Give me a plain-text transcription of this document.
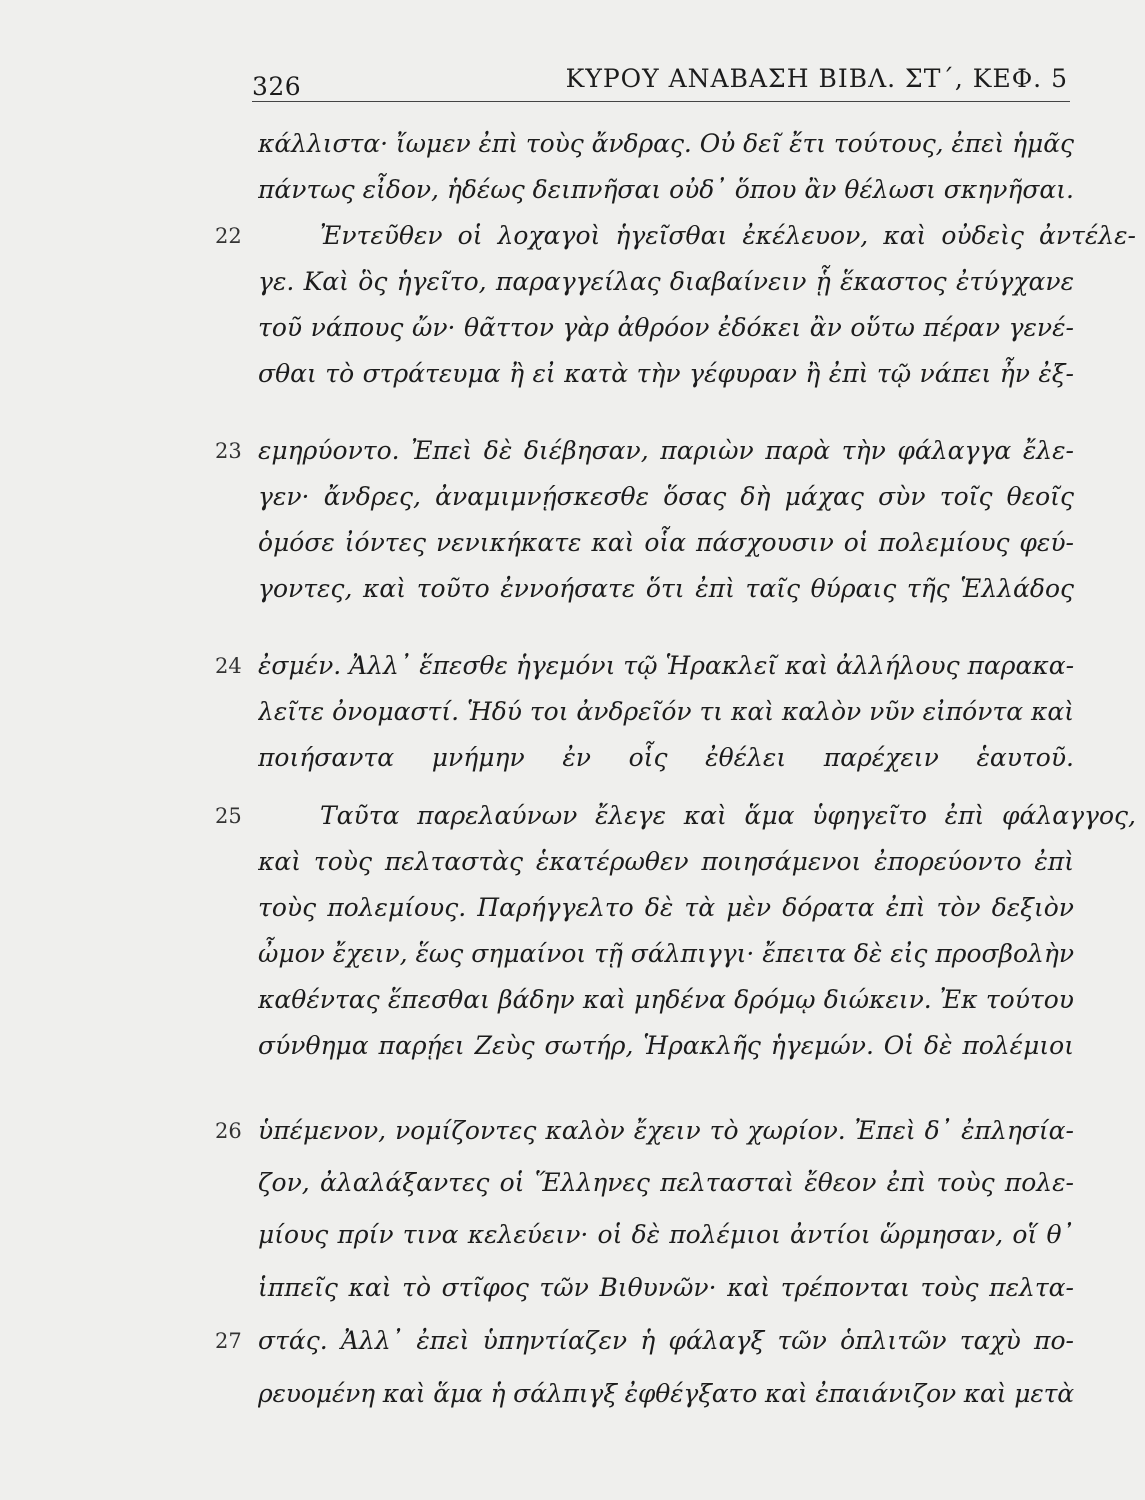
326	ΚΥΡΟΥ ΑΝΑΒΑΣΗ ΒΙΒΛ. ΣΤ΄, ΚΕΦ. 5
κάλλιστα· ἴωμεν ἐπὶ τοὺς ἄνδρας. Οὐ δεῖ ἔτι τούτους, ἐπεὶ ἡμᾶς
πάντως εἶδον, ἡδέως δειπνῆσαι οὐδ᾽ ὅπου ἂν θέλωσι σκηνῆσαι.
22	Ἐντεῦθεν οἱ λοχαγοὶ ἡγεῖσθαι ἐκέλευον, καὶ οὐδεὶς ἀντέλε-
γε. Καὶ ὃς ἡγεῖτο, παραγγείλας διαβαίνειν ᾗ ἕκαστος ἐτύγχανε
τοῦ νάπους ὤν· θᾶττον γὰρ ἀθρόον ἐδόκει ἂν οὕτω πέραν γενέ-
σθαι τὸ στράτευμα ἢ εἰ κατὰ τὴν γέφυραν ἢ ἐπὶ τῷ νάπει ἦν ἐξ-
23 εμηρύοντο. Ἐπεὶ δὲ διέβησαν, παριὼν παρὰ τὴν φάλαγγα ἔλε-
γεν· ἄνδρες, ἀναμιμνῄσκεσθε ὅσας δὴ μάχας σὺν τοῖς θεοῖς
ὁμόσε ἰόντες νενικήκατε καὶ οἷα πάσχουσιν οἱ πολεμίους φεύ-
γοντες, καὶ τοῦτο ἐννοήσατε ὅτι ἐπὶ ταῖς θύραις τῆς Ἑλλάδος
24 ἐσμέν. Ἀλλ᾽ ἕπεσθε ἡγεμόνι τῷ Ἡρακλεῖ καὶ ἀλλήλους παρακα-
λεῖτε ὀνομαστί. Ἡδύ τοι ἀνδρεῖόν τι καὶ καλὸν νῦν εἰπόντα καὶ
ποιήσαντα μνήμην ἐν οἷς ἐθέλει παρέχειν ἑαυτοῦ.
25	Ταῦτα παρελαύνων ἔλεγε καὶ ἅμα ὑφηγεῖτο ἐπὶ φάλαγγος,
καὶ τοὺς πελταστὰς ἑκατέρωθεν ποιησάμενοι ἐπορεύοντο ἐπὶ
τοὺς πολεμίους. Παρήγγελτο δὲ τὰ μὲν δόρατα ἐπὶ τὸν δεξιὸν
ὦμον ἔχειν, ἕως σημαίνοι τῇ σάλπιγγι· ἔπειτα δὲ εἰς προσβολὴν
καθέντας ἕπεσθαι βάδην καὶ μηδένα δρόμῳ διώκειν. Ἐκ τούτου
σύνθημα παρῄει Ζεὺς σωτήρ, Ἡρακλῆς ἡγεμών. Οἱ δὲ πολέμιοι
26 ὑπέμενον, νομίζοντες καλὸν ἔχειν τὸ χωρίον. Ἐπεὶ δ᾽ ἐπλησία-
ζον, ἀλαλάξαντες οἱ Ἕλληνες πελτασταὶ ἔθεον ἐπὶ τοὺς πολε-
μίους πρίν τινα κελεύειν· οἱ δὲ πολέμιοι ἀντίοι ὥρμησαν, οἵ θ᾽
ἱππεῖς καὶ τὸ στῖφος τῶν Βιθυνῶν· καὶ τρέπονται τοὺς πελτα-
27 στάς. Ἀλλ᾽ ἐπεὶ ὑπηντίαζεν ἡ φάλαγξ τῶν ὁπλιτῶν ταχὺ πο-
ρευομένη καὶ ἅμα ἡ σάλπιγξ ἐφθέγξατο καὶ ἐπαιάνιζον καὶ μετὰ
